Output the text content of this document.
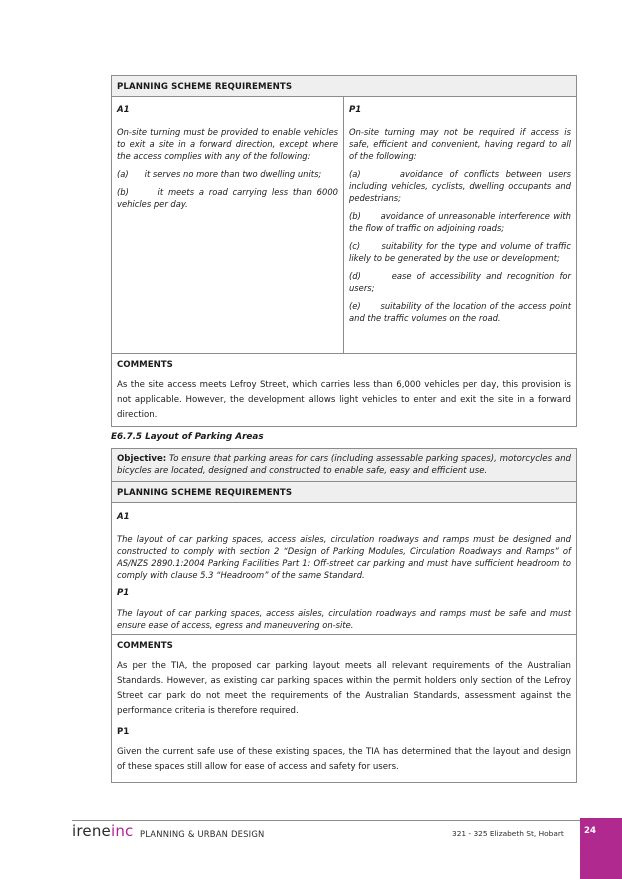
PLANNING SCHEME REQUIREMENTS
A1

On-site turning must be provided to enable vehicles to exit a site in a forward direction, except where the access complies with any of the following:

(a)      it serves no more than two dwelling units;

(b)      it meets a road carrying less than 6000 vehicles per day.

P1

On-site turning may not be required if access is safe, efficient and convenient, having regard to all of the following:

(a)      avoidance of conflicts between users including vehicles, cyclists, dwelling occupants and pedestrians;

(b)      avoidance of unreasonable interference with the flow of traffic on adjoining roads;

(c)      suitability for the type and volume of traffic likely to be generated by the use or development;

(d)      ease of accessibility and recognition for users;

(e)      suitability of the location of the access point and the traffic volumes on the road.

COMMENTS

As the site access meets Lefroy Street, which carries less than 6,000 vehicles per day, this provision is not applicable. However, the development allows light vehicles to enter and exit the site in a forward direction.

E6.7.5 Layout of Parking Areas
Objective: To ensure that parking areas for cars (including assessable parking spaces), motorcycles and bicycles are located, designed and constructed to enable safe, easy and efficient use.
PLANNING SCHEME REQUIREMENTS
A1

The layout of car parking spaces, access aisles, circulation roadways and ramps must be designed and constructed to comply with section 2 “Design of Parking Modules, Circulation Roadways and Ramps” of AS/NZS 2890.1:2004 Parking Facilities Part 1: Off-street car parking and must have sufficient headroom to comply with clause 5.3 “Headroom” of the same Standard.

P1

The layout of car parking spaces, access aisles, circulation roadways and ramps must be safe and must ensure ease of access, egress and maneuvering on-site.

COMMENTS

As per the TIA, the proposed car parking layout meets all relevant requirements of the Australian Standards. However, as existing car parking spaces within the permit holders only section of the Lefroy Street car park do not meet the requirements of the Australian Standards, assessment against the performance criteria is therefore required.

P1

Given the current safe use of these existing spaces, the TIA has determined that the layout and design of these spaces still allow for ease of access and safety for users.

ireneinc PLANNING & URBAN DESIGN	321 - 325 Elizabeth St, Hobart 24
